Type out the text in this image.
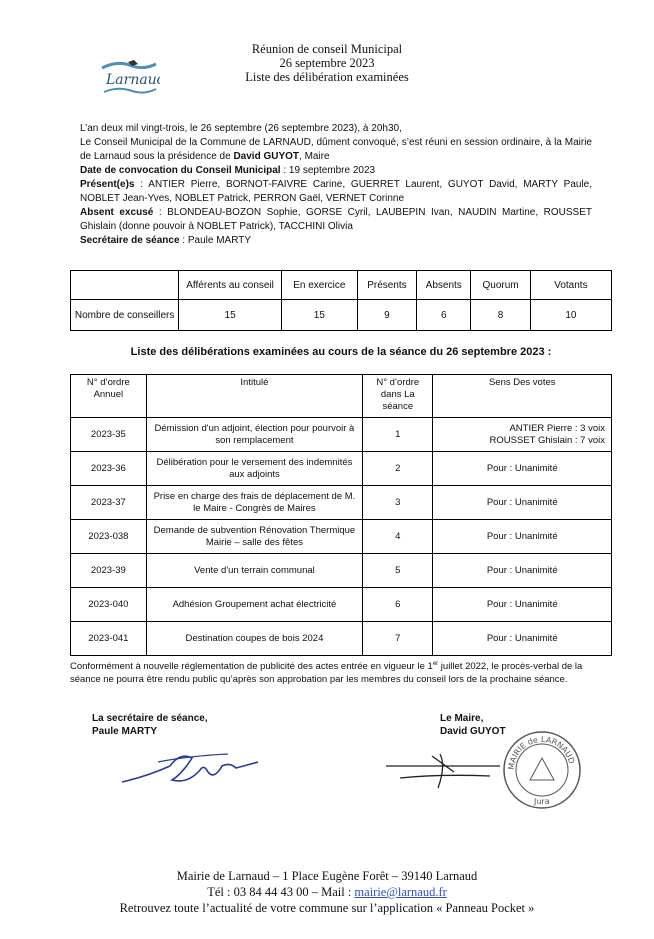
Larnaud
Réunion de conseil Municipal
26 septembre 2023
Liste des délibération examinées
L’an deux mil vingt-trois, le 26 septembre (26 septembre 2023), à 20h30,
Le Conseil Municipal de la Commune de LARNAUD, dûment convoqué, s’est réuni en session ordinaire, à la Mairie de Larnaud sous la présidence de David GUYOT, Maire
Date de convocation du Conseil Municipal : 19 septembre 2023
Présent(e)s : ANTIER Pierre, BORNOT-FAIVRE Carine, GUERRET Laurent, GUYOT David, MARTY Paule, NOBLET Jean-Yves, NOBLET Patrick, PERRON Gaël, VERNET Corinne
Absent excusé : BLONDEAU-BOZON Sophie, GORSE Cyril, LAUBEPIN Ivan, NAUDIN Martine, ROUSSET Ghislain (donne pouvoir à NOBLET Patrick), TACCHINI Olivia
Secrétaire de séance : Paule MARTY
	Afférents au conseil	En exercice	Présents	Absents	Quorum	Votants
Nombre de conseillers	15	15	9	6	8	10
Liste des délibérations examinées au cours de la séance du 26 septembre 2023 :
N° d’ordre Annuel	Intitulé	N° d’ordre dans La séance	Sens Des votes
2023-35	Démission d'un adjoint, élection pour pourvoir à son remplacement	1	ANTIER Pierre : 3 voix
ROUSSET Ghislain : 7 voix

2023-36	Délibération pour le versement des indemnités aux adjoints	2	Pour : Unanimité
2023-37	Prise en charge des frais de déplacement de M. le Maire - Congrès de Maires	3	Pour : Unanimité
2023-038	Demande de subvention Rénovation Thermique Mairie – salle des fêtes	4	Pour : Unanimité
2023-39	Vente d'un terrain communal	5	Pour : Unanimité
2023-040	Adhésion Groupement achat électricité	6	Pour : Unanimité
2023-041	Destination coupes de bois 2024	7	Pour : Unanimité
Conformément à nouvelle réglementation de publicité des actes entrée en vigueur le 1er juillet 2022, le procès-verbal de la séance ne pourra être rendu public qu’après son approbation par les membres du conseil lors de la prochaine séance.
La secrétaire de séance,
Paule MARTY
Le Maire,
David GUYOT
MAIRIE de LARNAUD
Jura
Mairie de Larnaud – 1 Place Eugène Forêt – 39140 Larnaud
Tél : 03 84 44 43 00 – Mail : mairie@larnaud.fr
Retrouvez toute l’actualité de votre commune sur l’application « Panneau Pocket »
